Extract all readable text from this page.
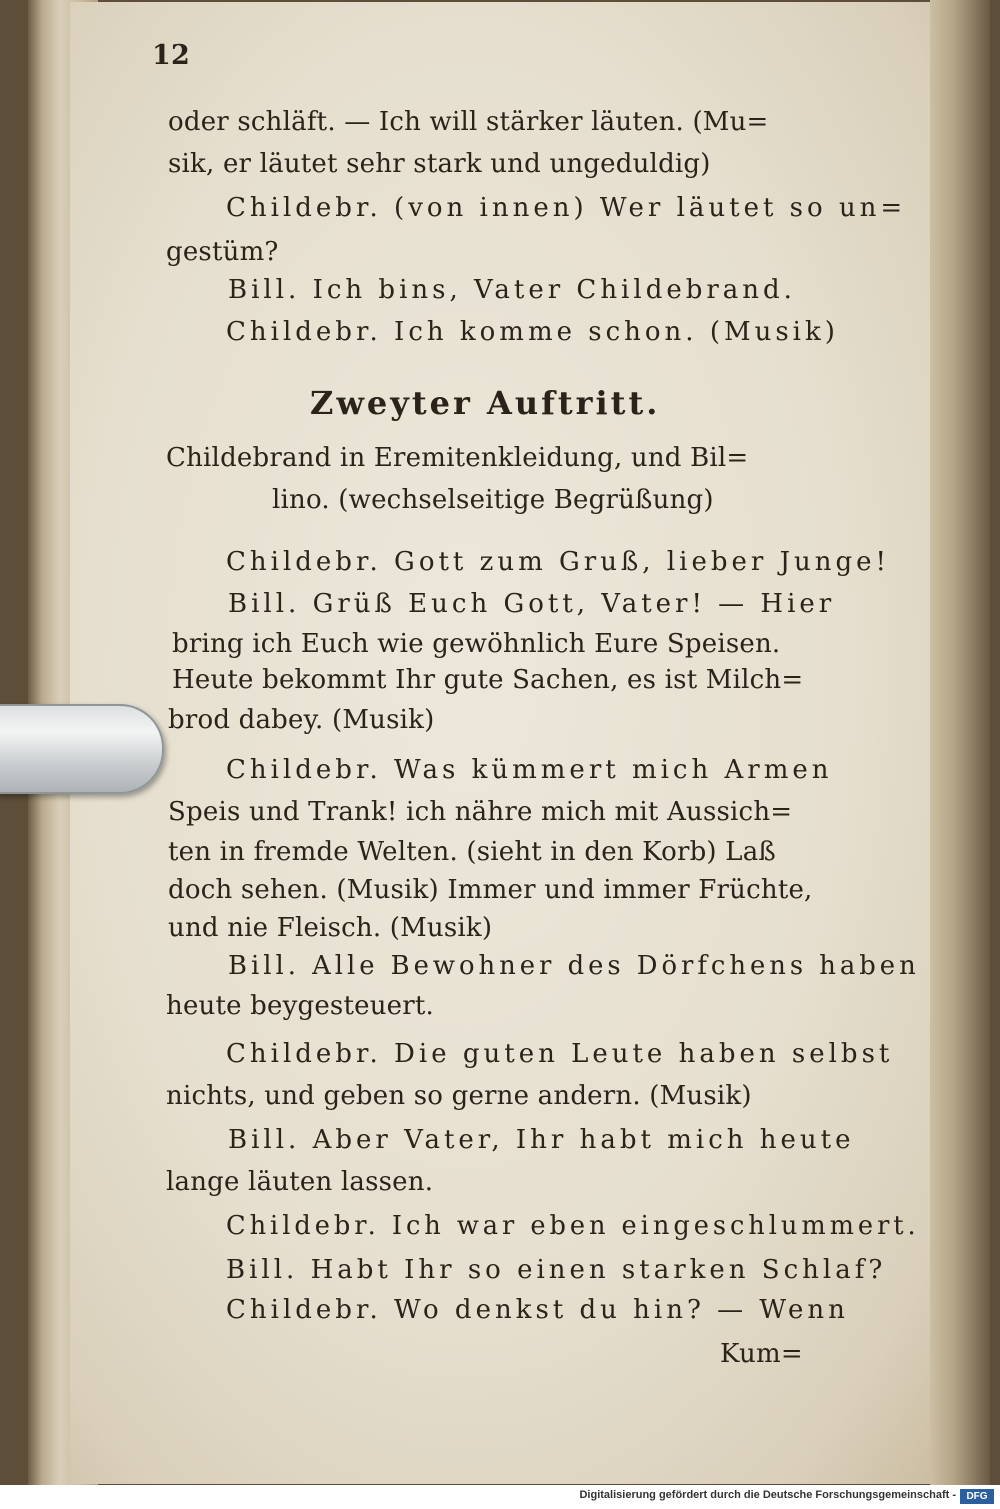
12
oder schläft. — Ich will stärker läuten. (Mu=
sik, er läutet sehr stark und ungeduldig)
Childebr. (von innen) Wer läutet so un=
gestüm?
Bill. Ich bins, Vater Childebrand.
Childebr. Ich komme schon. (Musik)
Zweyter Auftritt.
Childebrand in Eremitenkleidung, und Bil=
lino. (wechselseitige Begrüßung)
Childebr. Gott zum Gruß, lieber Junge!
Bill. Grüß Euch Gott, Vater! — Hier
bring ich Euch wie gewöhnlich Eure Speisen.
Heute bekommt Ihr gute Sachen, es ist Milch=
brod dabey. (Musik)
Childebr. Was kümmert mich Armen
Speis und Trank! ich nähre mich mit Aussich=
ten in fremde Welten. (sieht in den Korb) Laß
doch sehen. (Musik) Immer und immer Früchte,
und nie Fleisch. (Musik)
Bill. Alle Bewohner des Dörfchens haben
heute beygesteuert.
Childebr. Die guten Leute haben selbst
nichts, und geben so gerne andern. (Musik)
Bill. Aber Vater, Ihr habt mich heute
lange läuten lassen.
Childebr. Ich war eben eingeschlummert.
Bill. Habt Ihr so einen starken Schlaf?
Childebr. Wo denkst du hin? — Wenn
Kum=
Digitalisierung gefördert durch die Deutsche Forschungsgemeinschaft -	DFG
